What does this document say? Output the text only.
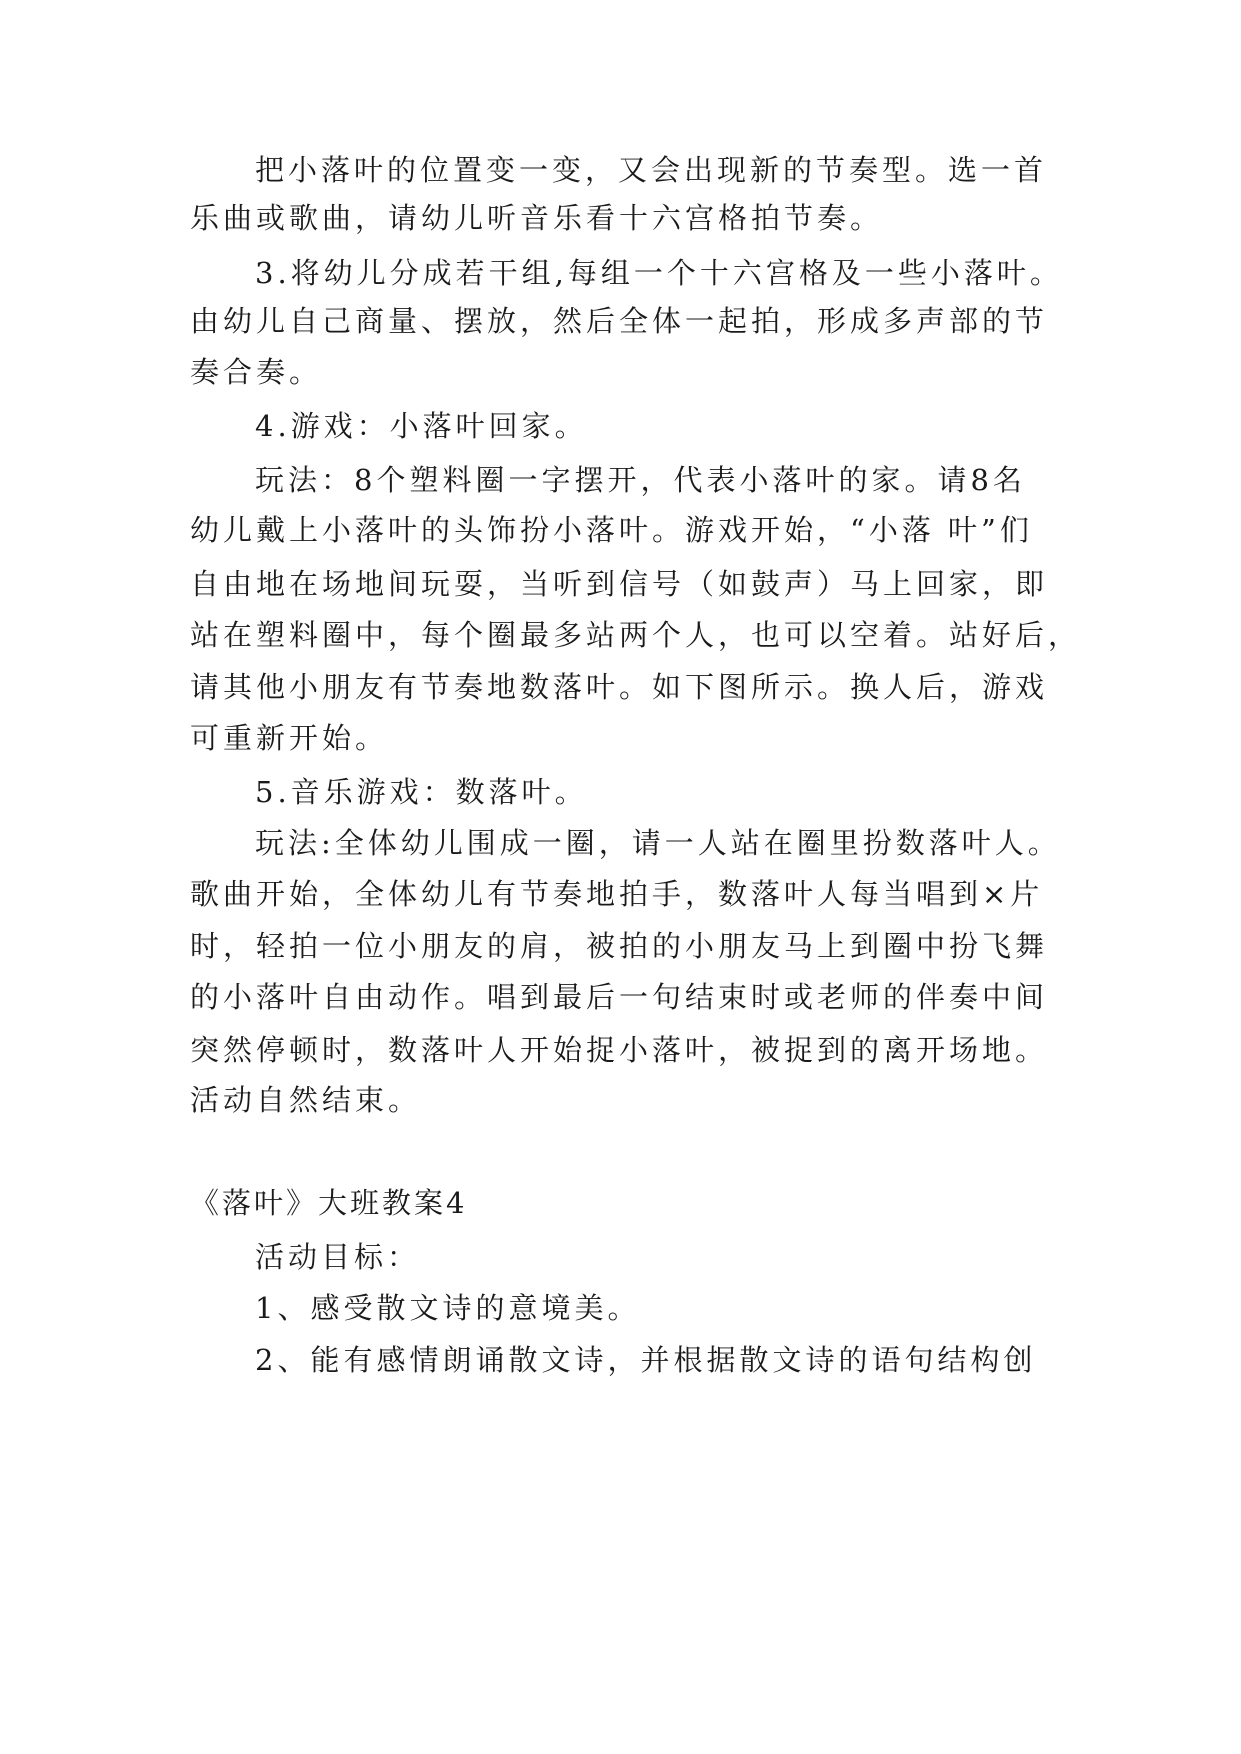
把小落叶的位置变一变，又会出现新的节奏型。选一首
乐曲或歌曲，请幼儿听音乐看十六宫格拍节奏。
3.将幼儿分成若干组,每组一个十六宫格及一些小落叶。
由幼儿自己商量、摆放，然后全体一起拍，形成多声部的节
奏合奏。
4.游戏：小落叶回家。
玩法：8个塑料圈一字摆开，代表小落叶的家。请8名
幼儿戴上小落叶的头饰扮小落叶。游戏开始，“小落 叶”们
自由地在场地间玩耍，当听到信号（如鼓声）马上回家，即
站在塑料圈中，每个圈最多站两个人，也可以空着。站好后，
请其他小朋友有节奏地数落叶。如下图所示。换人后，游戏
可重新开始。
5.音乐游戏：数落叶。
玩法:全体幼儿围成一圈，请一人站在圈里扮数落叶人。
歌曲开始，全体幼儿有节奏地拍手，数落叶人每当唱到×片
时，轻拍一位小朋友的肩，被拍的小朋友马上到圈中扮飞舞
的小落叶自由动作。唱到最后一句结束时或老师的伴奏中间
突然停顿时，数落叶人开始捉小落叶，被捉到的离开场地。
活动自然结束。
《落叶》大班教案4
活动目标：
1、感受散文诗的意境美。
2、能有感情朗诵散文诗，并根据散文诗的语句结构创
